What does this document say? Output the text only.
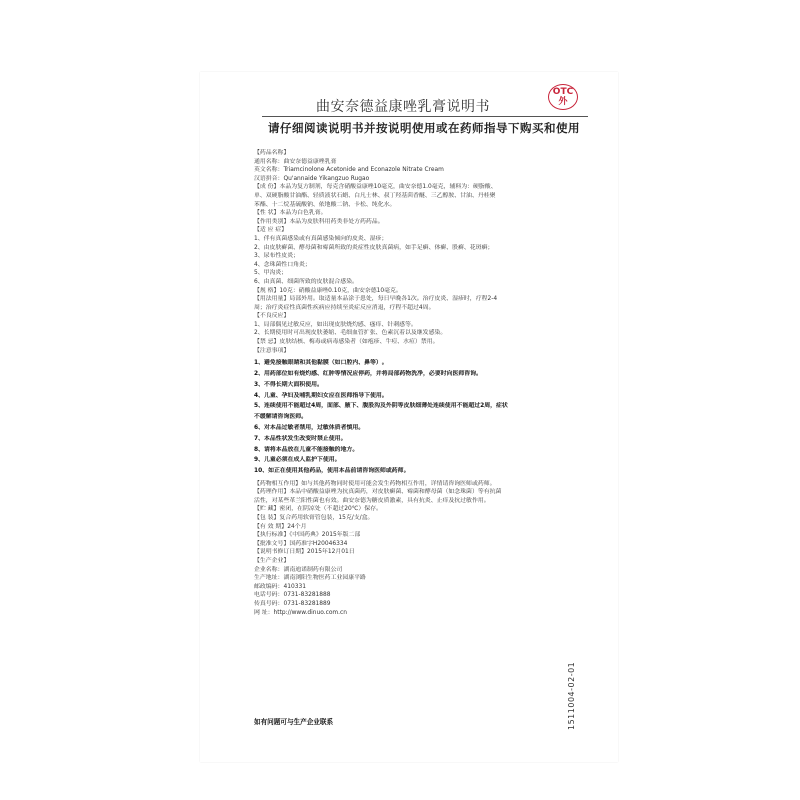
OTC
外
曲安奈德益康唑乳膏说明书
请仔细阅读说明书并按说明使用或在药师指导下购买和使用
【药品名称】
通用名称：曲安奈德益康唑乳膏
英文名称：Triamcinolone Acetonide and Econazole Nitrate Cream
汉语拼音：Qu'annaide Yikangzuo Rugao
【成 份】本品为复方制剂，每克含硝酸益康唑10毫克，曲安奈德1.0毫克，辅料为：硬脂酸、
单、双硬脂酸甘油酯、轻质液状石蜡、白凡士林、叔丁羟基茴香醚、三乙醇胺、甘油、丹桂聚
苯酯、十二烷基硫酸钠、依地酸二钠、卡松、纯化水。
【性 状】本品为白色乳膏。
【作用类别】本品为皮肤科用药类非处方药药品。
【适 应 症】
1、伴有真菌感染或有真菌感染倾向的皮炎、湿疹；
2、由皮肤癣菌、酵母菌和霉菌所致的炎症性皮肤真菌病，如手足癣、体癣、股癣、花斑癣；
3、尿布性皮炎；
4、念珠菌性口角炎；
5、甲沟炎；
6、由真菌、细菌所致的皮肤混合感染。
【规 格】10克：硝酸益康唑0.10克，曲安奈德10毫克。
【用法用量】局部外用。取适量本品涂于患处，每日早晚各1次。治疗皮炎、湿疹时，疗程2-4
周；治疗炎症性真菌性疾病应持续至炎症反应消退，疗程不超过4周。
【不良反应】
1、局部偶见过敏反应，如出现皮肤烧灼感、瘙痒、针刺感等。
2、长期使用时可出现皮肤萎缩、毛细血管扩张、色素沉着以及继发感染。
【禁 忌】皮肤结核、梅毒或病毒感染者（如疱疹、牛痘、水痘）禁用。
【注意事项】
1、避免接触眼睛和其他黏膜（如口腔内、鼻等）。
2、用药部位如有烧灼感、红肿等情况应停药，并将局部药物洗净，必要时向医师咨询。
3、不得长期大面积使用。
4、儿童、孕妇及哺乳期妇女应在医师指导下使用。
5、连续使用不能超过4周，面部、腋下、腹股沟及外阴等皮肤细薄处连续使用不能超过2周，症状
不缓解请咨询医师。
6、对本品过敏者禁用，过敏体质者慎用。
7、本品性状发生改变时禁止使用。
8、请将本品放在儿童不能接触的地方。
9、儿童必须在成人监护下使用。
10、如正在使用其他药品，使用本品前请咨询医师或药师。
【药物相互作用】如与其他药物同时使用可能会发生药物相互作用，详情请咨询医师或药师。
【药理作用】本品中硝酸益康唑为抗真菌药，对皮肤癣菌、霉菌和酵母菌（如念珠菌）等有抗菌
活性，对某些革兰阳性菌也有效。曲安奈德为糖皮质激素，具有抗炎、止痒及抗过敏作用。
【贮 藏】密闭，在阴凉处（不超过20℃）保存。
【包 装】复合药用软膏管包装，15克/支/盒。
【有 效 期】24个月
【执行标准】《中国药典》2015年版二部
【批准文号】国药准字H20046334
【说明书修订日期】2015年12月01日
【生产企业】
企业名称：湖南迪诺制药有限公司
生产地址：湖南浏阳生物医药工业园康平路
邮政编码：410331
电话号码：0731-83281888
传真号码：0731-83281889
网 址：http://www.dinuo.com.cn
如有问题可与生产企业联系	1511004-02-01
